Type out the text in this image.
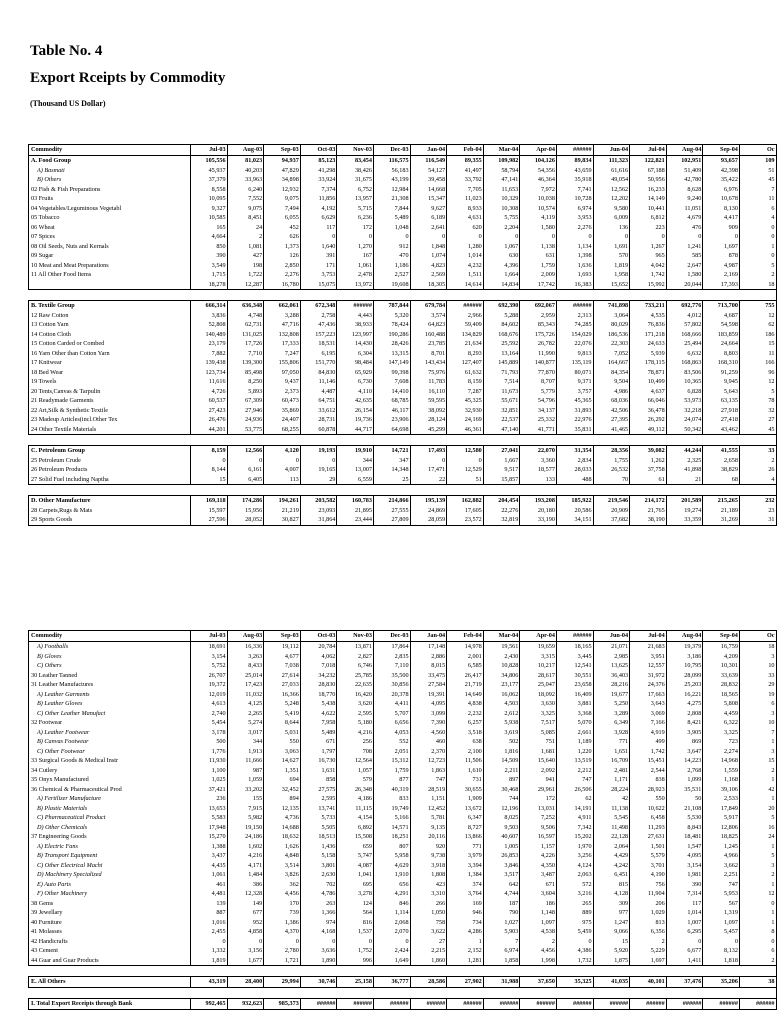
Table No. 4
Export Rceipts by Commodity
(Thousand US Dollar)
Commodity	Jul-03	Aug-03	Sep-03	Oct-03	Nov-03	Dec-03	Jan-04	Feb-04	Mar-04	Apr-04	######	Jun-04	Jul-04	Aug-04	Sep-04	Oc
A. Food Group	105,556	81,023	94,937	85,123	83,454	116,575	116,549	89,355	109,982	104,126	89,834	111,323	122,821	102,951	93,657	109
A) Basmati	45,937	40,203	47,829	41,298	38,426	56,183	54,127	41,497	58,794	54,356	43,659	61,616	67,188	51,409	42,398	51
B) Others	37,379	33,963	34,898	33,924	31,675	43,199	39,458	33,792	47,141	46,364	35,918	49,054	50,956	42,780	35,422	45
02 Fish & Fish Preparations	8,558	6,240	12,932	7,374	6,752	12,984	14,668	7,705	11,653	7,972	7,741	12,562	16,233	8,628	6,976	7
03 Fruits	10,095	7,552	9,075	11,856	13,957	21,308	15,347	11,023	10,329	10,038	10,728	12,202	14,149	9,240	10,678	11
04 Vegetables/Leguminous Vegetabl	9,327	9,075	7,494	4,192	5,715	7,844	9,627	8,933	10,308	10,574	6,974	9,580	10,441	11,051	8,130	6
05 Tobacco	10,585	8,451	6,055	6,629	6,236	5,489	6,189	4,631	5,755	4,119	3,953	6,009	6,812	4,679	4,417	4
06 Wheat	165	24	452	117	172	1,048	2,641	620	2,204	1,580	2,276	136	223	476	909	0
07 Spices	4,664	2	626	0	0	0	0	0	0	0	0	0	0	0	0	0
08 Oil Seeds, Nuts and Kernals	850	1,081	1,373	1,640	1,270	912	1,848	1,280	1,067	1,138	1,134	1,691	1,267	1,241	1,697	1
09 Sugar	390	427	126	391	167	470	1,074	1,014	630	631	1,398	570	965	585	878	0
10 Meat and Meat Preparations	3,549	198	2,850	171	1,061	1,186	4,823	4,232	4,396	1,759	1,636	1,819	4,042	2,647	4,987	5
11 All Other Food Items	1,715	1,722	2,276	3,753	2,478	2,527	2,569	1,511	1,664	2,009	1,693	1,958	1,742	1,580	2,169	2
	18,278	12,287	16,780	15,075	13,972	19,608	18,305	14,614	14,834	17,742	16,383	15,652	15,992	20,044	17,393	18

B. Textile Group	666,314	636,348	662,061	672,348	######	787,844	679,784	######	692,390	692,067	######	741,898	733,211	692,776	713,700	755
12 Raw Cotton	3,836	4,748	3,288	2,758	4,443	5,320	3,574	2,966	5,288	2,959	2,313	3,064	4,535	4,012	4,687	12
13 Cotton Yarn	52,808	62,731	47,716	47,436	38,933	78,424	64,823	59,409	84,602	85,343	74,285	80,029	76,836	57,802	54,598	62
14 Cotton Cloth	140,489	131,025	132,808	157,223	123,997	190,286	160,488	134,829	168,676	175,726	154,029	186,536	171,218	168,666	183,859	186
15 Cotton Carded or Combed	23,179	17,726	17,333	18,531	14,430	28,426	23,785	21,634	25,592	26,782	22,076	22,303	24,633	25,494	24,664	15
16 Yarn Other than Cotton Yarn	7,882	7,710	7,247	6,195	6,304	13,315	8,701	8,293	13,164	11,990	9,813	7,052	5,939	6,632	8,803	11
17 Knitwear	139,438	139,300	155,806	151,770	98,484	147,149	143,434	127,407	145,889	140,877	135,119	164,667	178,115	168,863	168,310	166
18 Bed Wear	123,734	85,498	97,050	84,830	65,929	99,398	75,976	61,632	71,793	77,870	80,071	84,354	78,871	83,506	91,259	96
19 Towels	11,616	8,250	9,437	11,146	6,730	7,608	11,783	8,159	7,514	8,707	9,371	9,504	10,499	10,365	9,945	12
20 Tents,Canvas & Tarpulin	4,726	5,893	2,373	4,487	4,110	14,410	16,110	7,287	11,673	5,779	3,757	4,986	4,637	6,828	5,643	5
21 Readymade Garments	60,537	67,309	60,473	64,751	42,635	68,785	59,595	45,325	55,671	54,796	45,365	68,036	66,046	53,973	63,135	78
22 Art,Silk & Synthetic Textile	27,423	27,946	35,869	33,612	26,154	46,117	38,092	32,930	32,851	34,137	31,893	42,506	36,478	32,218	27,918	32
23 Madeup Articles(incl.Other Tex	26,476	24,936	24,407	28,731	19,736	23,906	28,124	24,169	22,537	25,332	22,976	27,395	26,292	24,074	27,418	27
24 Other Textile Materials	44,201	53,775	68,255	60,878	44,717	64,698	45,299	46,361	47,140	41,771	35,831	41,465	49,112	50,342	43,462	45

C. Petroleum Group	8,159	12,566	4,120	19,193	19,910	14,721	17,493	12,580	27,041	22,070	31,354	28,356	39,082	44,244	41,555	33
25 Petroleum Crude	0	0	0	0	344	347	0	0	1,667	3,360	2,834	1,755	1,262	2,325	2,658	2
26 Petroleum Products	8,144	6,161	4,007	19,165	13,007	14,348	17,471	12,529	9,517	18,577	28,033	26,532	37,758	41,898	38,829	26
27 Solid Fuel including Naptha	15	6,405	113	29	6,559	25	22	51	15,857	133	488	70	61	21	68	4

D. Other Manufacture	169,118	174,286	194,261	203,582	160,783	214,866	195,139	162,882	204,454	193,208	185,922	219,546	214,172	201,589	215,265	232
28 Carpets,Rugs & Mats	15,597	15,956	21,219	23,093	21,895	27,555	24,869	17,605	22,276	20,180	20,586	20,909	21,765	19,274	21,189	23
29 Sports Goods	27,596	28,052	30,827	31,864	23,444	27,809	28,059	23,572	32,819	33,190	34,151	37,682	38,190	33,359	31,269	31
Commodity	Jul-03	Aug-03	Sep-03	Oct-03	Nov-03	Dec-03	Jan-04	Feb-04	Mar-04	Apr-04	######	Jun-04	Jul-04	Aug-04	Sep-04	Oc
A) Footballs	18,691	16,336	19,112	20,784	13,871	17,864	17,148	14,978	19,561	19,659	18,165	21,071	21,683	19,379	16,759	18
B) Gloves	3,154	3,263	4,677	4,062	2,827	2,835	2,886	2,001	2,430	3,315	3,445	2,985	3,951	3,186	4,209	3
C) Others	5,752	8,433	7,038	7,018	6,746	7,110	8,015	6,585	10,828	10,217	12,541	13,625	12,557	10,795	10,301	10
30 Leather Tanned	26,707	25,014	27,614	34,232	25,785	35,500	33,475	26,417	34,806	28,617	30,551	36,403	31,972	28,099	33,639	33
31 Leather Manufactures	19,372	17,423	27,033	28,830	22,635	30,856	27,584	21,719	23,177	25,047	23,658	28,216	24,376	25,203	28,832	29
A) Leather Garments	12,019	11,032	16,366	18,770	16,420	20,378	19,391	14,649	16,062	18,092	16,409	19,677	17,663	16,221	18,565	19
B) Leather Gloves	4,613	4,125	5,248	5,438	3,620	4,411	4,095	4,838	4,503	3,630	3,881	5,250	3,643	4,275	5,808	6
C) Other Leather Manufact	2,740	2,265	5,419	4,622	2,595	5,707	3,099	2,232	2,612	3,325	3,368	3,289	3,069	2,808	4,459	3
32 Footwear	5,454	5,274	8,644	7,958	5,180	6,656	7,390	6,257	5,938	7,517	5,070	6,349	7,166	8,421	6,322	10
A) Leather Footwear	3,178	3,017	5,031	5,489	4,216	4,053	4,560	3,518	3,619	5,085	2,661	3,928	4,919	3,905	3,325	7
B) Canvas Footwear	500	344	550	671	256	552	460	638	502	751	1,189	771	499	869	723	1
C) Other Footwear	1,776	1,913	3,063	1,797	708	2,051	2,370	2,100	1,816	1,681	1,220	1,651	1,742	3,647	2,274	3
33 Surgical Goods & Medical Instr	11,930	11,666	14,627	16,730	12,564	15,312	12,723	11,506	14,509	15,640	13,519	16,709	15,451	14,223	14,968	15
34 Cutlery	1,100	987	1,351	1,631	1,057	1,759	1,863	1,610	2,211	2,092	2,212	2,481	2,544	2,768	1,559	2
35 Onyx Manufactured	1,025	1,059	694	858	579	877	747	731	897	941	747	1,171	838	1,099	1,168	1
36 Chemical & Pharmaceutical Prod	37,421	33,202	32,452	27,575	26,348	40,319	28,519	30,655	30,468	29,961	26,506	28,224	28,923	35,531	39,106	42
A) Fertilizer Manufacture	236	155	894	2,595	4,186	833	1,151	1,909	744	172	62	42	550	50	2,533	1
B) Plastic Materials	13,653	7,915	12,135	13,741	11,115	19,749	12,452	13,672	12,196	13,031	14,191	11,138	10,622	21,108	17,849	20
C) Pharmaceutical Product	5,583	5,982	4,736	5,733	4,154	5,166	5,781	6,347	8,025	7,252	4,911	5,545	6,458	5,530	5,917	5
D) Other Chemicals	17,948	19,150	14,688	5,505	6,892	14,571	9,135	8,727	9,503	9,506	7,342	11,498	11,293	8,843	12,806	16
37 Engineering Goods	15,270	24,186	18,632	18,513	15,508	18,251	20,116	13,866	40,607	16,597	15,202	22,128	27,631	18,481	18,825	24
A) Electric Fans	1,388	1,602	1,626	1,436	659	807	920	771	1,005	1,157	1,970	2,064	1,501	1,547	1,245	1
B) Transport Equipment	3,437	4,216	4,848	5,158	5,747	5,958	9,738	3,979	26,853	4,226	3,256	4,429	5,579	4,095	4,966	5
C) Other Electrical Machi	4,435	4,171	3,514	3,801	4,087	4,629	3,918	3,394	3,846	4,350	4,124	4,242	3,701	3,154	3,662	3
D) Machinery Specialized	1,061	1,484	3,826	2,630	1,041	1,910	1,808	1,384	3,517	3,487	2,063	6,451	4,190	1,981	2,251	2
E) Auto Parts	461	386	362	702	695	656	423	374	642	671	572	815	756	390	747	1
F) Other Machinery	4,481	12,328	4,456	4,786	3,278	4,291	3,310	3,764	4,744	3,604	3,216	4,128	11,904	7,314	5,953	12
38 Gems	139	149	170	263	124	846	266	169	187	186	265	309	206	117	567	0
39 Jewellary	887	677	739	1,366	564	1,114	1,050	946	790	1,148	889	977	1,029	1,014	1,319	1
40 Furniture	1,016	952	1,386	974	816	2,068	758	734	1,027	1,097	975	1,247	813	1,007	1,097	1
41 Molasses	2,455	4,858	4,370	4,168	1,537	2,070	3,622	4,286	5,903	4,538	5,459	9,066	6,356	6,295	5,457	8
42 Handicrafts	0	0	0	0	0	0	27	1	7	2	0	15	2	0	0	0
43 Cement	1,332	3,156	2,780	3,636	1,752	2,424	2,215	2,152	6,974	4,456	4,386	5,920	5,229	6,677	8,132	6
44 Guar and Guar Products	1,819	1,677	1,721	1,890	996	1,649	1,860	1,281	1,858	1,998	1,732	1,875	1,697	1,411	1,818	2

E. All Others	43,319	28,400	29,994	30,746	25,158	36,777	28,586	27,902	31,988	37,650	35,325	41,035	40,101	37,476	35,206	38

I. Total Export Receipts through Bank	992,465	932,623	985,373	######	######	######	######	######	######	######	######	######	######	######	######	######
